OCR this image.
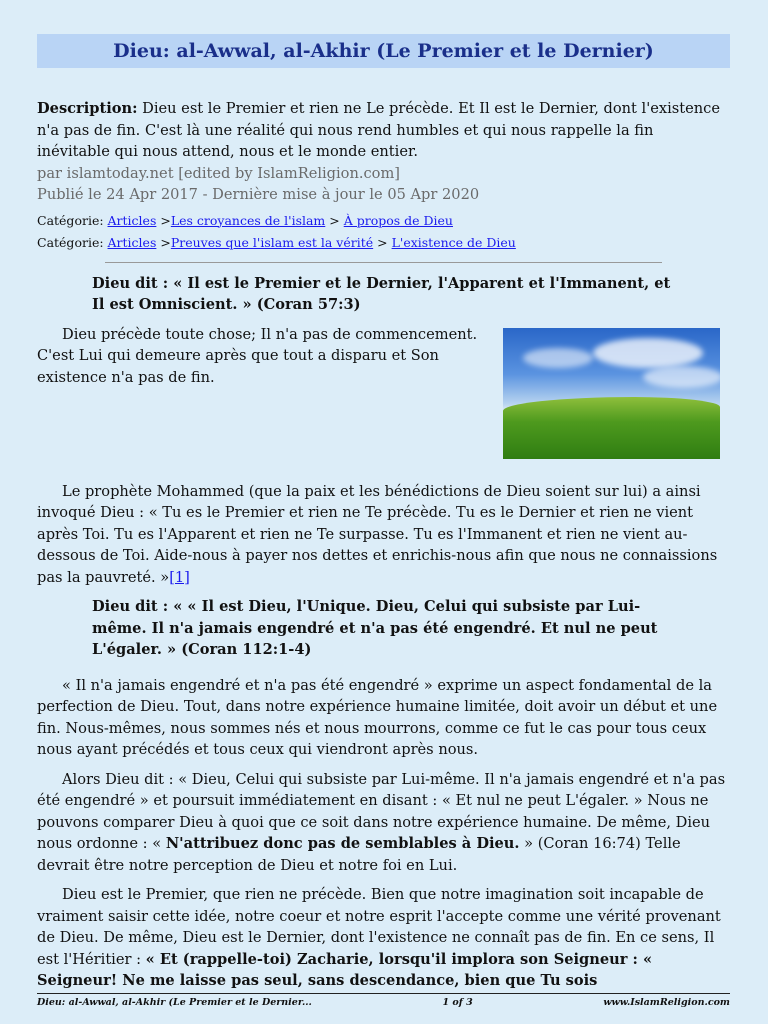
Dieu: al-Awwal, al-Akhir (Le Premier et le Dernier)

Description: Dieu est le Premier et rien ne Le précède. Et Il est le Dernier, dont l'existence n'a pas de fin. C'est là une réalité qui nous rend humbles et qui nous rappelle la fin inévitable qui nous attend, nous et le monde entier.

par islamtoday.net [edited by IslamReligion.com]

Publié le 24 Apr 2017 - Dernière mise à jour le 05 Apr 2020

Catégorie: Articles >Les croyances de l'islam > À propos de Dieu

Catégorie: Articles >Preuves que l'islam est la vérité > L'existence de Dieu

Dieu dit : « Il est le Premier et le Dernier, l'Apparent et l'Immanent, et Il est Omniscient. » (Coran 57:3)

Dieu précède toute chose; Il n'a pas de commencement. C'est Lui qui demeure après que tout a disparu et Son existence n'a pas de fin.

Le prophète Mohammed (que la paix et les bénédictions de Dieu soient sur lui) a ainsi invoqué Dieu : « Tu es le Premier et rien ne Te précède. Tu es le Dernier et rien ne vient après Toi. Tu es l'Apparent et rien ne Te surpasse. Tu es l'Immanent et rien ne vient au-dessous de Toi. Aide-nous à payer nos dettes et enrichis-nous afin que nous ne connaissions pas la pauvreté. »[1]

Dieu dit : « « Il est Dieu, l'Unique. Dieu, Celui qui subsiste par Lui-même. Il n'a jamais engendré et n'a pas été engendré. Et nul ne peut L'égaler. » (Coran 112:1-4)

« Il n'a jamais engendré et n'a pas été engendré » exprime un aspect fondamental de la perfection de Dieu. Tout, dans notre expérience humaine limitée, doit avoir un début et une fin. Nous-mêmes, nous sommes nés et nous mourrons, comme ce fut le cas pour tous ceux nous ayant précédés et tous ceux qui viendront après nous.

Alors Dieu dit : « Dieu, Celui qui subsiste par Lui-même. Il n'a jamais engendré et n'a pas été engendré » et poursuit immédiatement en disant : « Et nul ne peut L'égaler. » Nous ne pouvons comparer Dieu à quoi que ce soit dans notre expérience humaine. De même, Dieu nous ordonne : « N'attribuez donc pas de semblables à Dieu. » (Coran 16:74) Telle devrait être notre perception de Dieu et notre foi en Lui.

Dieu est le Premier, que rien ne précède. Bien que notre imagination soit incapable de vraiment saisir cette idée, notre coeur et notre esprit l'accepte comme une vérité provenant de Dieu. De même, Dieu est le Dernier, dont l'existence ne connaît pas de fin. En ce sens, Il est l'Héritier : « Et (rappelle-toi) Zacharie, lorsqu'il implora son Seigneur : « Seigneur! Ne me laisse pas seul, sans descendance, bien que Tu sois

Dieu: al-Awwal, al-Akhir (Le Premier et le Dernier...	1 of 3	www.IslamReligion.com
